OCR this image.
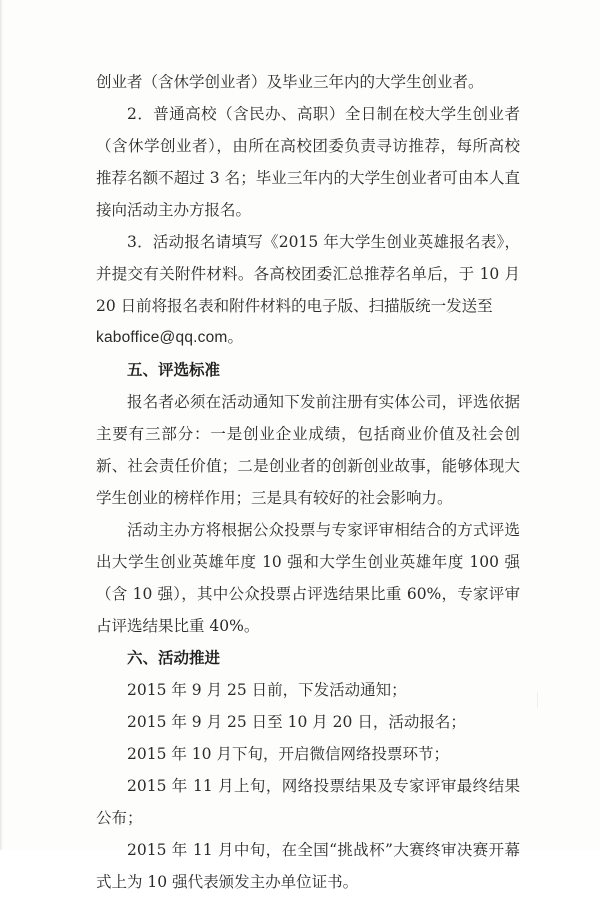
创业者（含休学创业者）及毕业三年内的大学生创业者。

2．普通高校（含民办、高职）全日制在校大学生创业者（含休学创业者），由所在高校团委负责寻访推荐，每所高校推荐名额不超过 3 名；毕业三年内的大学生创业者可由本人直接向活动主办方报名。

3．活动报名请填写《2015 年大学生创业英雄报名表》，并提交有关附件材料。各高校团委汇总推荐名单后，于 10 月 20 日前将报名表和附件材料的电子版、扫描版统一发送至

kaboffice@qq.com。

五、评选标准

报名者必须在活动通知下发前注册有实体公司，评选依据主要有三部分：一是创业企业成绩，包括商业价值及社会创新、社会责任价值；二是创业者的创新创业故事，能够体现大学生创业的榜样作用；三是具有较好的社会影响力。

活动主办方将根据公众投票与专家评审相结合的方式评选出大学生创业英雄年度 10 强和大学生创业英雄年度 100 强（含 10 强），其中公众投票占评选结果比重 60%，专家评审占评选结果比重 40%。

六、活动推进

2015 年 9 月 25 日前，下发活动通知；

2015 年 9 月 25 日至 10 月 20 日，活动报名；

2015 年 10 月下旬，开启微信网络投票环节；

2015 年 11 月上旬，网络投票结果及专家评审最终结果公布；

2015 年 11 月中旬，在全国“挑战杯”大赛终审决赛开幕式上为 10 强代表颁发主办单位证书。
